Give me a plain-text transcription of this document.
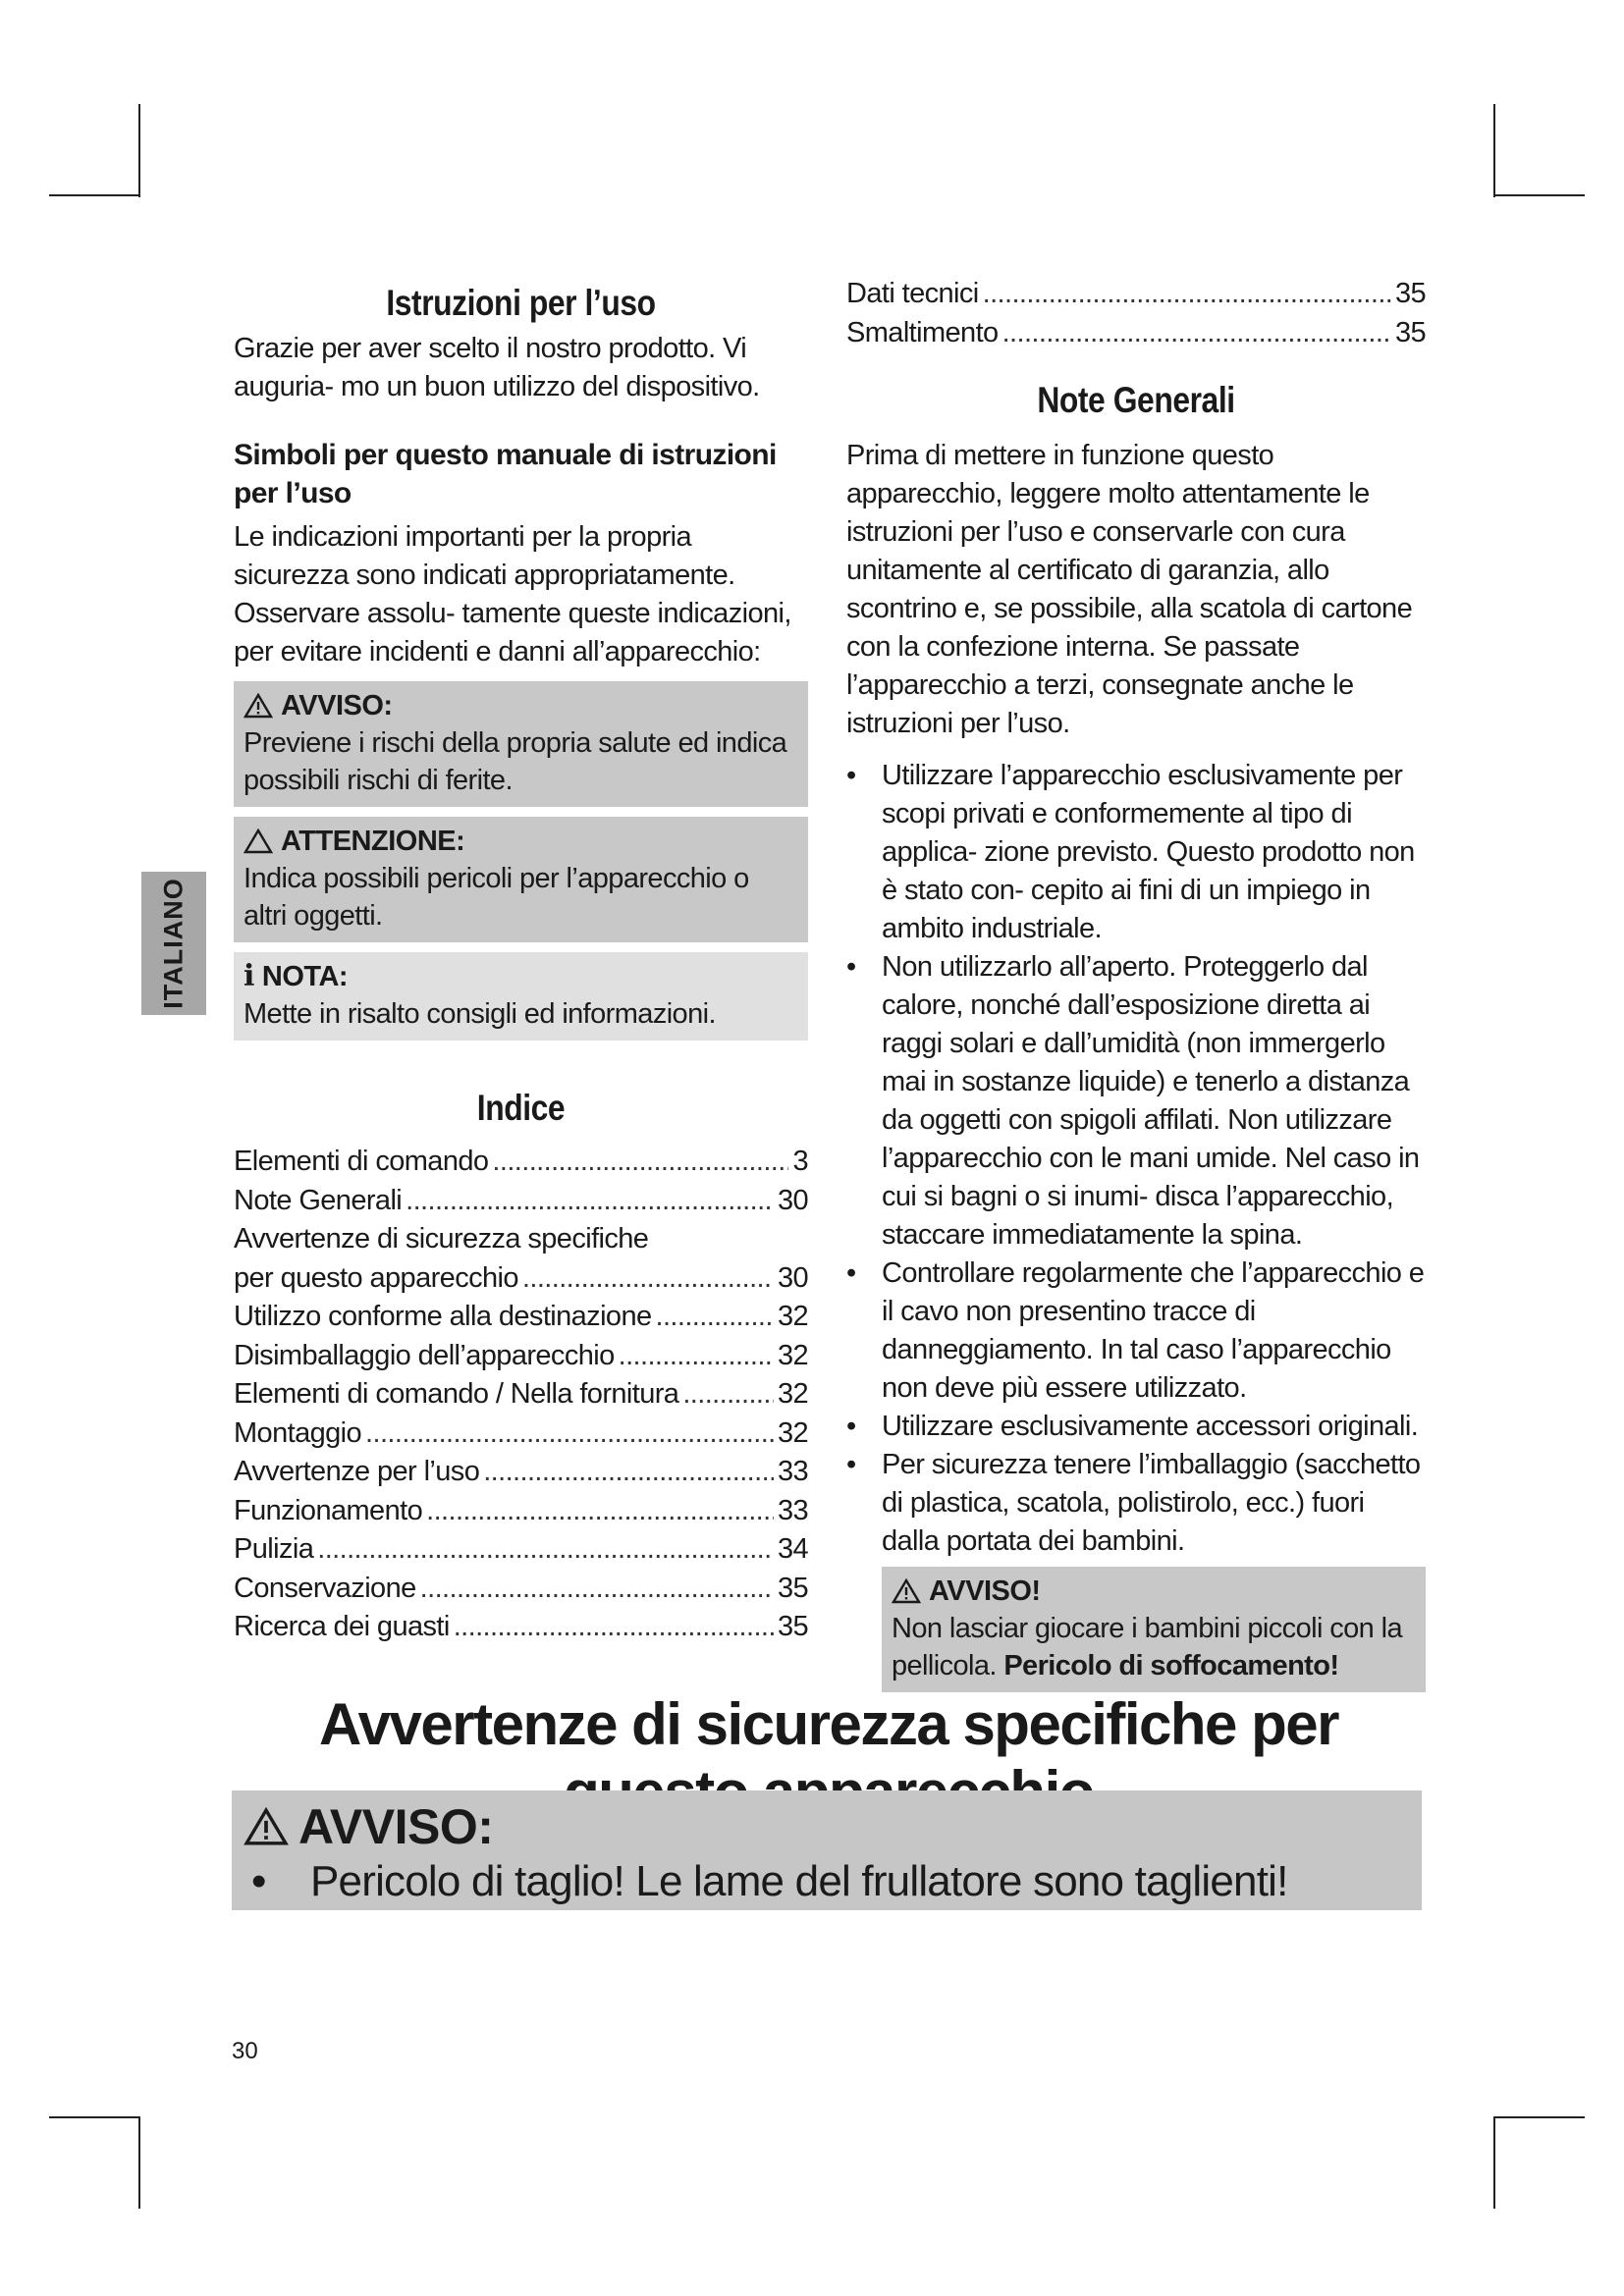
ITALIANO
Istruzioni per l’uso
Grazie per aver scelto il nostro prodotto. Vi auguria- mo un buon utilizzo del dispositivo.
Simboli per questo manuale di istruzioni per l’uso
Le indicazioni importanti per la propria sicurezza sono indicati appropriatamente. Osservare assolu- tamente queste indicazioni, per evitare incidenti e danni all’apparecchio:
AVVISO:
Previene i rischi della propria salute ed indica possibili rischi di ferite.
ATTENZIONE:
Indica possibili pericoli per l’apparecchio o altri oggetti.
i NOTA:
Mette in risalto consigli ed informazioni.
Indice
Elementi di comando .....	3
Note Generali .....	30
Avvertenze di sicurezza specifiche
per questo apparecchio .....	30
Utilizzo conforme alla destinazione .....	32
Disimballaggio dell’apparecchio .....	32
Elementi di comando / Nella fornitura .....	32
Montaggio .....	32
Avvertenze per l’uso .....	33
Funzionamento .....	33
Pulizia .....	34
Conservazione .....	35
Ricerca dei guasti .....	35
Dati tecnici .....	35
Smaltimento .....	35
Note Generali
Prima di mettere in funzione questo apparecchio, leggere molto attentamente le istruzioni per l’uso e conservarle con cura unitamente al certificato di garanzia, allo scontrino e, se possibile, alla scatola di cartone con la confezione interna. Se passate l’apparecchio a terzi, consegnate anche le istruzioni per l’uso.
• Utilizzare l’apparecchio esclusivamente per scopi privati e conformemente al tipo di applica- zione previsto. Questo prodotto non è stato con- cepito ai fini di un impiego in ambito industriale.
• Non utilizzarlo all’aperto. Proteggerlo dal calore, nonché dall’esposizione diretta ai raggi solari e dall’umidità (non immergerlo mai in sostanze liquide) e tenerlo a distanza da oggetti con spigoli affilati. Non utilizzare l’apparecchio con le mani umide. Nel caso in cui si bagni o si inumi- disca l’apparecchio, staccare immediatamente la spina.
• Controllare regolarmente che l’apparecchio e il cavo non presentino tracce di danneggiamento. In tal caso l’apparecchio non deve più essere utilizzato.
• Utilizzare esclusivamente accessori originali.
• Per sicurezza tenere l’imballaggio (sacchetto di plastica, scatola, polistirolo, ecc.) fuori dalla portata dei bambini.
AVVISO!
Non lasciar giocare i bambini piccoli con la pellicola. Pericolo di soffocamento!
Avvertenze di sicurezza specifiche per
AVVISO:
• Pericolo di taglio! Le lame del frullatore sono taglienti!
30
